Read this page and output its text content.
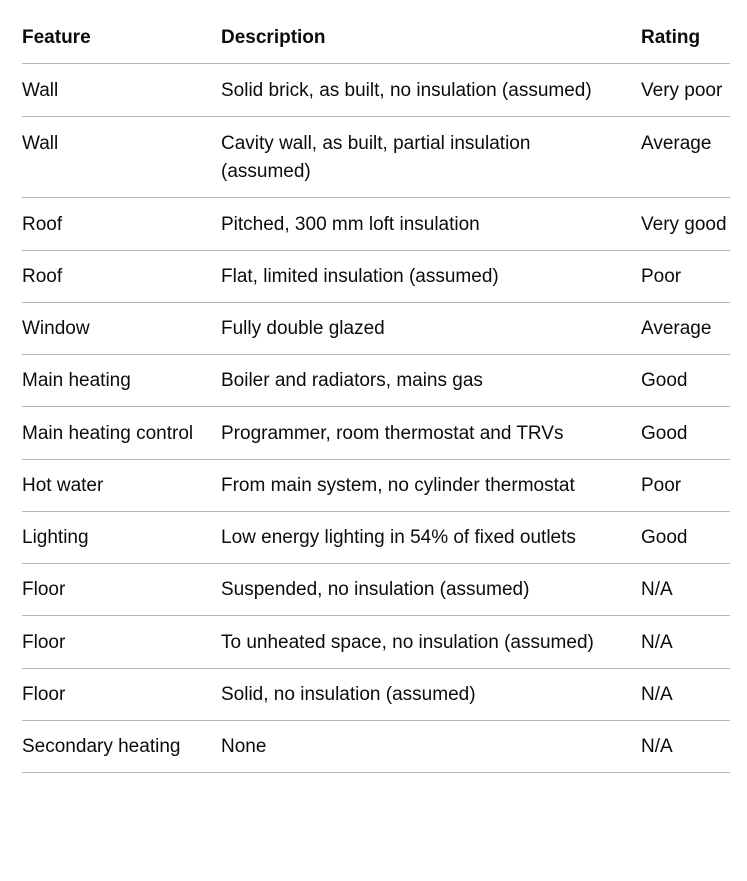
Feature	Description	Rating
Wall	Solid brick, as built, no insulation (assumed)	Very poor
Wall	Cavity wall, as built, partial insulation (assumed)	Average
Roof	Pitched, 300 mm loft insulation	Very good
Roof	Flat, limited insulation (assumed)	Poor
Window	Fully double glazed	Average
Main heating	Boiler and radiators, mains gas	Good
Main heating control	Programmer, room thermostat and TRVs	Good
Hot water	From main system, no cylinder thermostat	Poor
Lighting	Low energy lighting in 54% of fixed outlets	Good
Floor	Suspended, no insulation (assumed)	N/A
Floor	To unheated space, no insulation (assumed)	N/A
Floor	Solid, no insulation (assumed)	N/A
Secondary heating	None	N/A
